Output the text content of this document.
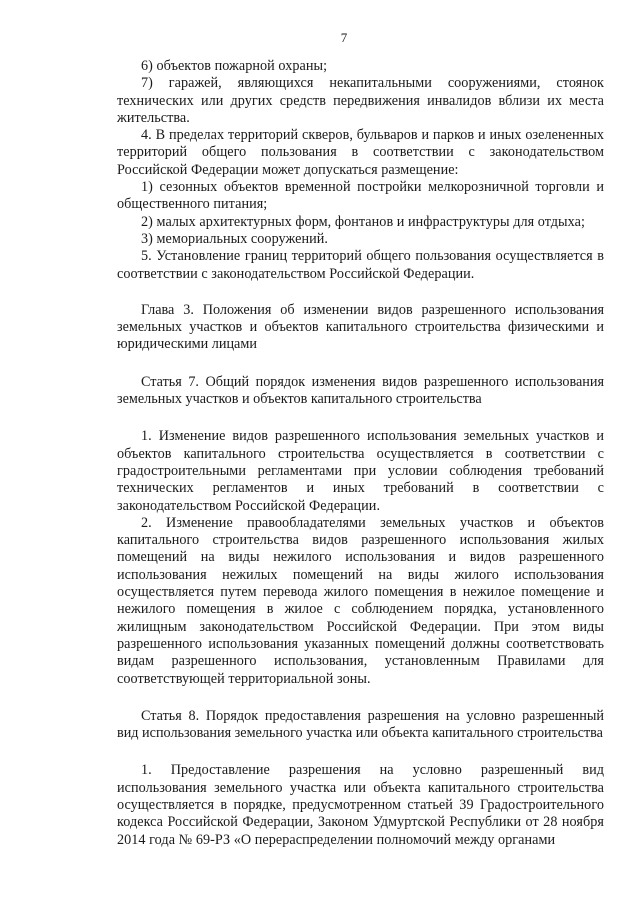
7

6) объектов пожарной охраны;

7) гаражей, являющихся некапитальными сооружениями, стоянок технических или других средств передвижения инвалидов вблизи их места жительства.

4. В пределах территорий скверов, бульваров и парков и иных озелененных территорий общего пользования в соответствии с законодательством Российской Федерации может допускаться размещение:

1) сезонных объектов временной постройки мелкорозничной торговли и общественного питания;

2) малых архитектурных форм, фонтанов и инфраструктуры для отдыха;

3) мемориальных сооружений.

5. Установление границ территорий общего пользования осуществляется в соответствии с законодательством Российской Федерации.

Глава 3. Положения об изменении видов разрешенного использования земельных участков и объектов капитального строительства физическими и юридическими лицами

Статья 7. Общий порядок изменения видов разрешенного использования земельных участков и объектов капитального строительства

1. Изменение видов разрешенного использования земельных участков и объектов капитального строительства осуществляется в соответствии с градостроительными регламентами при условии соблюдения требований технических регламентов и иных требований в соответствии с законодательством Российской Федерации.

2. Изменение правообладателями земельных участков и объектов капитального строительства видов разрешенного использования жилых помещений на виды нежилого использования и видов разрешенного использования нежилых помещений на виды жилого использования осуществляется путем перевода жилого помещения в нежилое помещение и нежилого помещения в жилое с соблюдением порядка, установленного жилищным законодательством Российской Федерации. При этом виды разрешенного использования указанных помещений должны соответствовать видам разрешенного использования, установленным Правилами для соответствующей территориальной зоны.

Статья 8. Порядок предоставления разрешения на условно разрешенный вид использования земельного участка или объекта капитального строительства

1. Предоставление разрешения на условно разрешенный вид использования земельного участка или объекта капитального строительства осуществляется в порядке, предусмотренном статьей 39 Градостроительного кодекса Российской Федерации, Законом Удмуртской Республики от 28 ноября 2014 года № 69-РЗ «О перераспределении полномочий между органами
